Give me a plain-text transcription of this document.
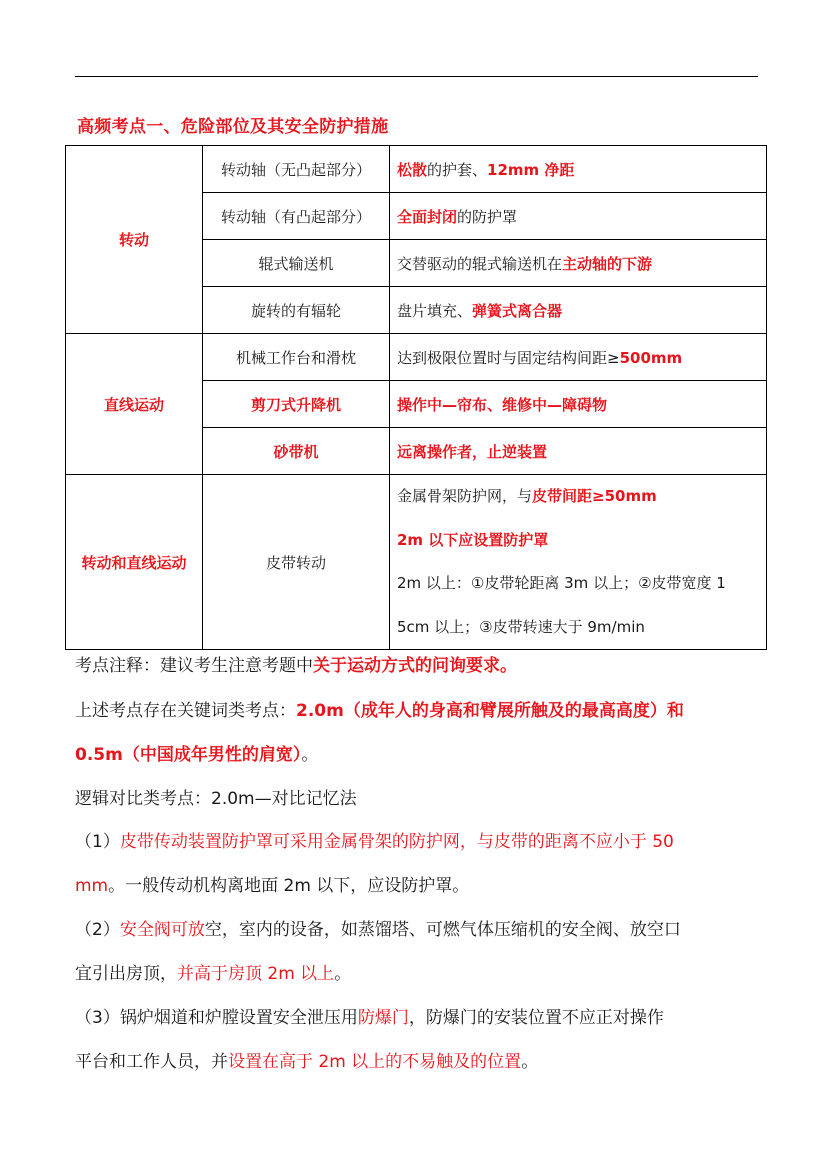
高频考点一、危险部位及其安全防护措施
转动	转动轴（无凸起部分）	松散的护套、12mm 净距
	转动轴（有凸起部分）	全面封闭的防护罩
	辊式输送机	交替驱动的辊式输送机在主动轴的下游
	旋转的有辐轮	盘片填充、弹簧式离合器
直线运动	机械工作台和滑枕	达到极限位置时与固定结构间距≥500mm
	剪刀式升降机	操作中—帘布、维修中—障碍物
	砂带机	远离操作者，止逆装置
转动和直线运动	皮带转动	金属骨架防护网，与皮带间距≥50mm
2m 以下应设置防护罩
2m 以上：①皮带轮距离 3m 以上；②皮带宽度 1
5cm 以上；③皮带转速大于 9m/min
考点注释：建议考生注意考题中关于运动方式的问询要求。
上述考点存在关键词类考点：2.0m（成年人的身高和臂展所触及的最高高度）和
0.5m（中国成年男性的肩宽）。
逻辑对比类考点：2.0m—对比记忆法
（1）皮带传动装置防护罩可采用金属骨架的防护网，与皮带的距离不应小于 50
mm。一般传动机构离地面 2m 以下，应设防护罩。
（2）安全阀可放空，室内的设备，如蒸馏塔、可燃气体压缩机的安全阀、放空口
宜引出房顶，并高于房顶 2m 以上。
（3）锅炉烟道和炉膛设置安全泄压用防爆门，防爆门的安装位置不应正对操作
平台和工作人员，并设置在高于 2m 以上的不易触及的位置。
